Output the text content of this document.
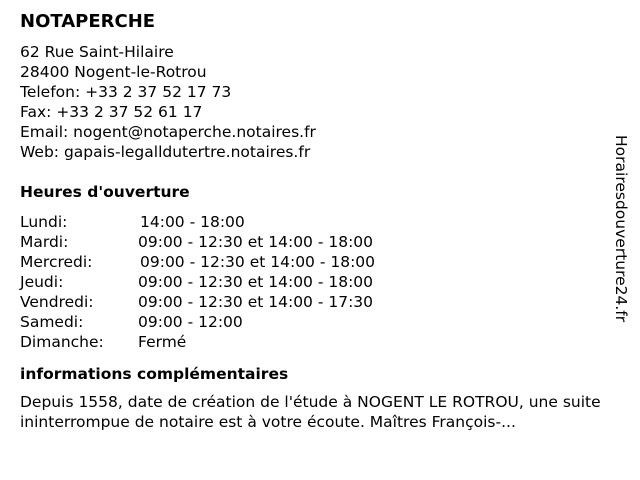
NOTAPERCHE
62 Rue Saint-Hilaire
28400 Nogent-le-Rotrou
Telefon: +33 2 37 52 17 73
Fax: +33 2 37 52 61 17
Email: nogent@notaperche.notaires.fr
Web: gapais-legalldutertre.notaires.fr
Heures d'ouverture
Lundi:	14:00 - 18:00
Mardi:	09:00 - 12:30 et 14:00 - 18:00
Mercredi:	09:00 - 12:30 et 14:00 - 18:00
Jeudi:	09:00 - 12:30 et 14:00 - 18:00
Vendredi:	09:00 - 12:30 et 14:00 - 17:30
Samedi:	09:00 - 12:00
Dimanche: Fermé
informations complémentaires
Depuis 1558, date de création de l'étude à NOGENT LE ROTROU, une suite ininterrompue de notaire est à votre écoute. Maîtres François-...
Horairesdouverture24.fr
